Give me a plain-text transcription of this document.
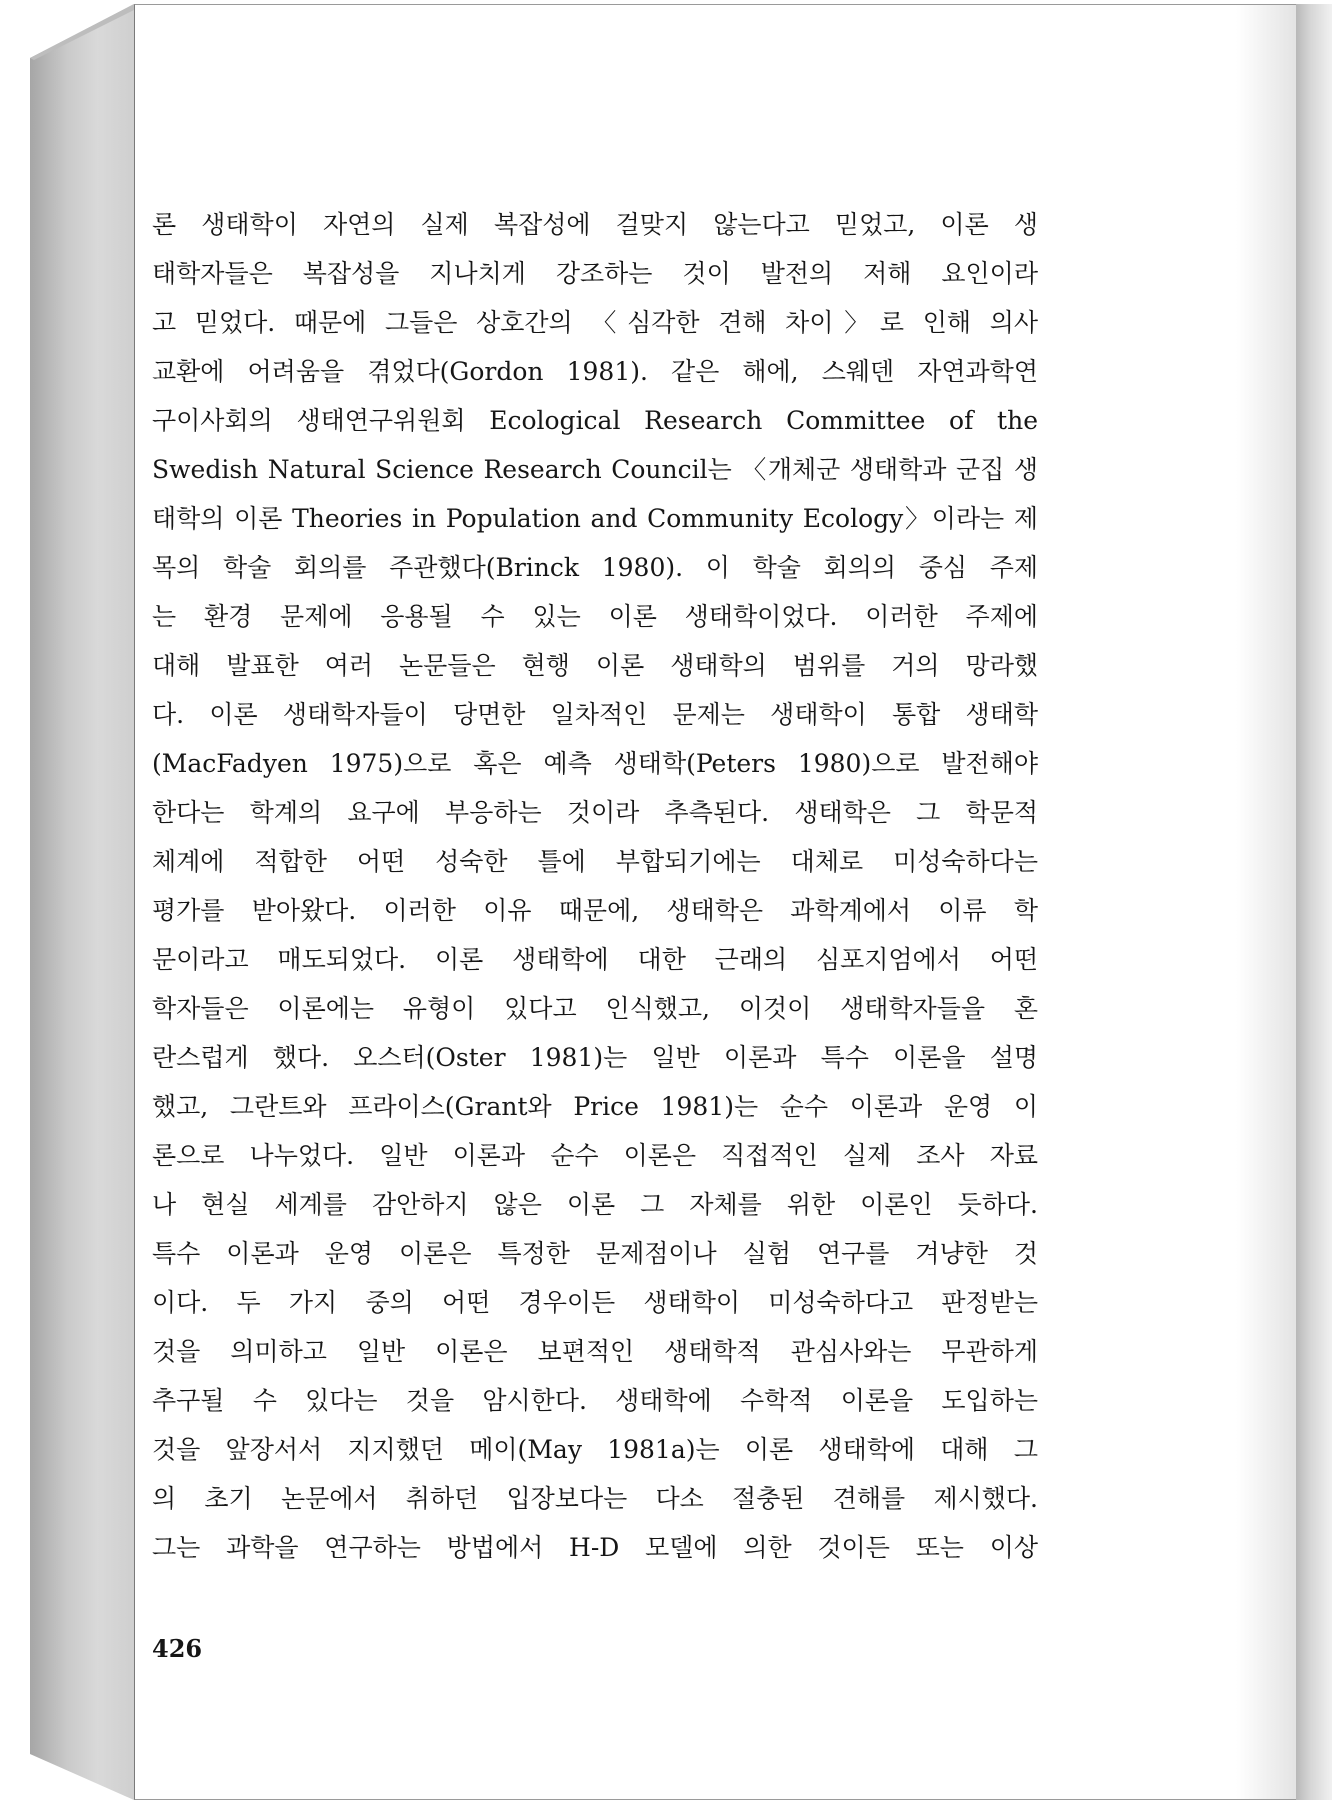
론 생태학이 자연의 실제 복잡성에 걸맞지 않는다고 믿었고, 이론 생
태학자들은 복잡성을 지나치게 강조하는 것이 발전의 저해 요인이라
고 믿었다. 때문에 그들은 상호간의 〈심각한 견해 차이〉로 인해 의사
교환에 어려움을 겪었다(Gordon 1981). 같은 해에, 스웨덴 자연과학연
구이사회의 생태연구위원회 Ecological Research Committee of the
Swedish Natural Science Research Council는 〈개체군 생태학과 군집 생
태학의 이론 Theories in Population and Community Ecology〉이라는 제
목의 학술 회의를 주관했다(Brinck 1980). 이 학술 회의의 중심 주제
는 환경 문제에 응용될 수 있는 이론 생태학이었다. 이러한 주제에
대해 발표한 여러 논문들은 현행 이론 생태학의 범위를 거의 망라했
다. 이론 생태학자들이 당면한 일차적인 문제는 생태학이 통합 생태학
(MacFadyen 1975)으로 혹은 예측 생태학(Peters 1980)으로 발전해야
한다는 학계의 요구에 부응하는 것이라 추측된다. 생태학은 그 학문적
체계에 적합한 어떤 성숙한 틀에 부합되기에는 대체로 미성숙하다는
평가를 받아왔다. 이러한 이유 때문에, 생태학은 과학계에서 이류 학
문이라고 매도되었다. 이론 생태학에 대한 근래의 심포지엄에서 어떤
학자들은 이론에는 유형이 있다고 인식했고, 이것이 생태학자들을 혼
란스럽게 했다. 오스터(Oster 1981)는 일반 이론과 특수 이론을 설명
했고, 그란트와 프라이스(Grant와 Price 1981)는 순수 이론과 운영 이
론으로 나누었다. 일반 이론과 순수 이론은 직접적인 실제 조사 자료
나 현실 세계를 감안하지 않은 이론 그 자체를 위한 이론인 듯하다.
특수 이론과 운영 이론은 특정한 문제점이나 실험 연구를 겨냥한 것
이다. 두 가지 중의 어떤 경우이든 생태학이 미성숙하다고 판정받는
것을 의미하고 일반 이론은 보편적인 생태학적 관심사와는 무관하게
추구될 수 있다는 것을 암시한다. 생태학에 수학적 이론을 도입하는
것을 앞장서서 지지했던 메이(May 1981a)는 이론 생태학에 대해 그
의 초기 논문에서 취하던 입장보다는 다소 절충된 견해를 제시했다.
그는 과학을 연구하는 방법에서 H-D 모델에 의한 것이든 또는 이상
426
